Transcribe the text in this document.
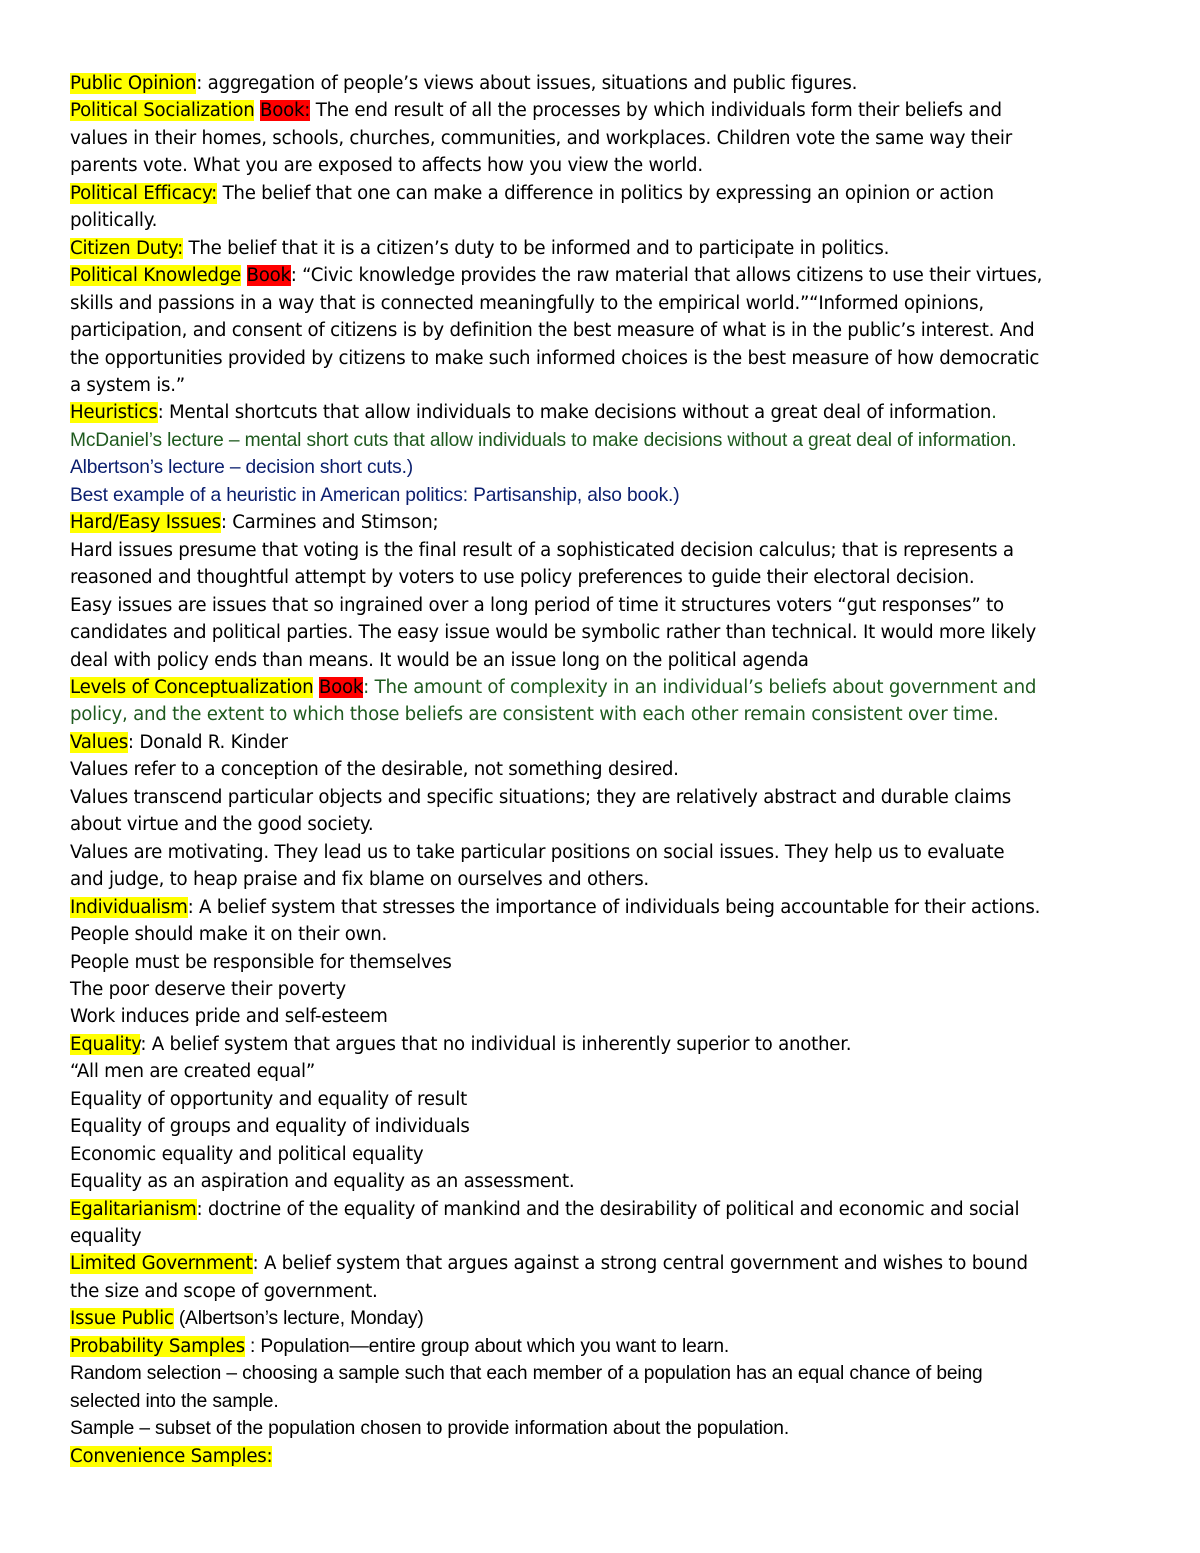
Public Opinion: aggregation of people’s views about issues, situations and public figures.
Political Socialization Book: The end result of all the processes by which individuals form their beliefs and
values in their homes, schools, churches, communities, and workplaces. Children vote the same way their
parents vote. What you are exposed to affects how you view the world.
Political Efficacy: The belief that one can make a difference in politics by expressing an opinion or action
politically.
Citizen Duty: The belief that it is a citizen’s duty to be informed and to participate in politics.
Political Knowledge Book: “Civic knowledge provides the raw material that allows citizens to use their virtues,
skills and passions in a way that is connected meaningfully to the empirical world.”“Informed opinions,
participation, and consent of citizens is by definition the best measure of what is in the public’s interest. And
the opportunities provided by citizens to make such informed choices is the best measure of how democratic
a system is.”
Heuristics: Mental shortcuts that allow individuals to make decisions without a great deal of information.
McDaniel’s lecture – mental short cuts that allow individuals to make decisions without a great deal of information.
Albertson’s lecture – decision short cuts.)
Best example of a heuristic in American politics: Partisanship, also book.)
Hard/Easy Issues: Carmines and Stimson;
Hard issues presume that voting is the final result of a sophisticated decision calculus; that is represents a
reasoned and thoughtful attempt by voters to use policy preferences to guide their electoral decision.
Easy issues are issues that so ingrained over a long period of time it structures voters “gut responses” to
candidates and political parties. The easy issue would be symbolic rather than technical. It would more likely
deal with policy ends than means. It would be an issue long on the political agenda
Levels of Conceptualization Book: The amount of complexity in an individual’s beliefs about government and
policy, and the extent to which those beliefs are consistent with each other remain consistent over time.
Values: Donald R. Kinder
Values refer to a conception of the desirable, not something desired.
Values transcend particular objects and specific situations; they are relatively abstract and durable claims
about virtue and the good society.
Values are motivating. They lead us to take particular positions on social issues. They help us to evaluate
and judge, to heap praise and fix blame on ourselves and others.
Individualism: A belief system that stresses the importance of individuals being accountable for their actions.
People should make it on their own.
People must be responsible for themselves
The poor deserve their poverty
Work induces pride and self-esteem
Equality: A belief system that argues that no individual is inherently superior to another.
“All men are created equal”
Equality of opportunity and equality of result
Equality of groups and equality of individuals
Economic equality and political equality
Equality as an aspiration and equality as an assessment.
Egalitarianism: doctrine of the equality of mankind and the desirability of political and economic and social
equality
Limited Government: A belief system that argues against a strong central government and wishes to bound
the size and scope of government.
Issue Public (Albertson’s lecture, Monday)
Probability Samples : Population—entire group about which you want to learn.
Random selection – choosing a sample such that each member of a population has an equal chance of being
selected into the sample.
Sample – subset of the population chosen to provide information about the population.
Convenience Samples:
